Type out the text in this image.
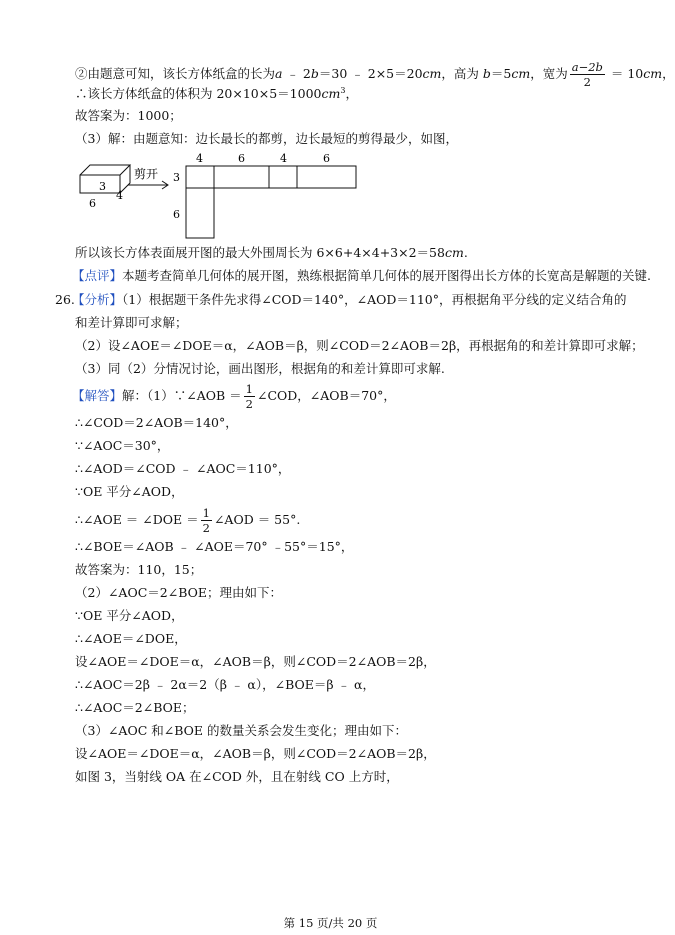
②由题意可知，该长方体纸盒的长为a ﹣ 2b＝30 ﹣ 2×5＝20cm，高为 b＝5cm，宽为 $\frac{a-2b}{2} = 10cm$，
∴该长方体纸盒的体积为 $20\times 10\times 5=1000cm^3$，
故答案为：1000；
（3）解：由题意知：边长最长的都剪，边长最短的剪得最少，如图，
3
4
6
剪开
4	6	4	6
3
6
所以该长方体表面展开图的最大外围周长为 6×6+4×4+3×2＝58cm.
【点评】本题考查简单几何体的展开图，熟练根据简单几何体的展开图得出长方体的长宽高是解题的关键.
26.
【分析】（1）根据题干条件先求得∠COD＝140°，∠AOD＝110°，再根据角平分线的定义结合角的
和差计算即可求解；
（2）设∠AOE＝∠DOE＝α，∠AOB＝β，则∠COD＝2∠AOB＝2β，再根据角的和差计算即可求解；
（3）同（2）分情况讨论，画出图形，根据角的和差计算即可求解.
【解答】解：（1）∵∠AOB ＝ $\frac{1}{2}$ ∠COD，∠AOB＝70°，
∴∠COD＝2∠AOB＝140°，
∵∠AOC＝30°，
∴∠AOD＝∠COD ﹣ ∠AOC＝110°，
∵OE 平分∠AOD，
∴∠AOE ＝ ∠DOE ＝ $\frac{1}{2}$ ∠AOD ＝ 55°.
∴∠BOE＝∠AOB ﹣ ∠AOE＝70° ﹣55°＝15°，
故答案为：110，15；
（2）∠AOC＝2∠BOE；理由如下：
∵OE 平分∠AOD，
∴∠AOE＝∠DOE，
设∠AOE＝∠DOE＝α，∠AOB＝β，则∠COD＝2∠AOB＝2β，
∴∠AOC＝2β ﹣ 2α＝2（β ﹣ α），∠BOE＝β ﹣ α，
∴∠AOC＝2∠BOE；
（3）∠AOC 和∠BOE 的数量关系会发生变化；理由如下：
设∠AOE＝∠DOE＝α，∠AOB＝β，则∠COD＝2∠AOB＝2β，
如图 3，当射线 OA 在∠COD 外，且在射线 CO 上方时，
第 15 页/共 20 页
